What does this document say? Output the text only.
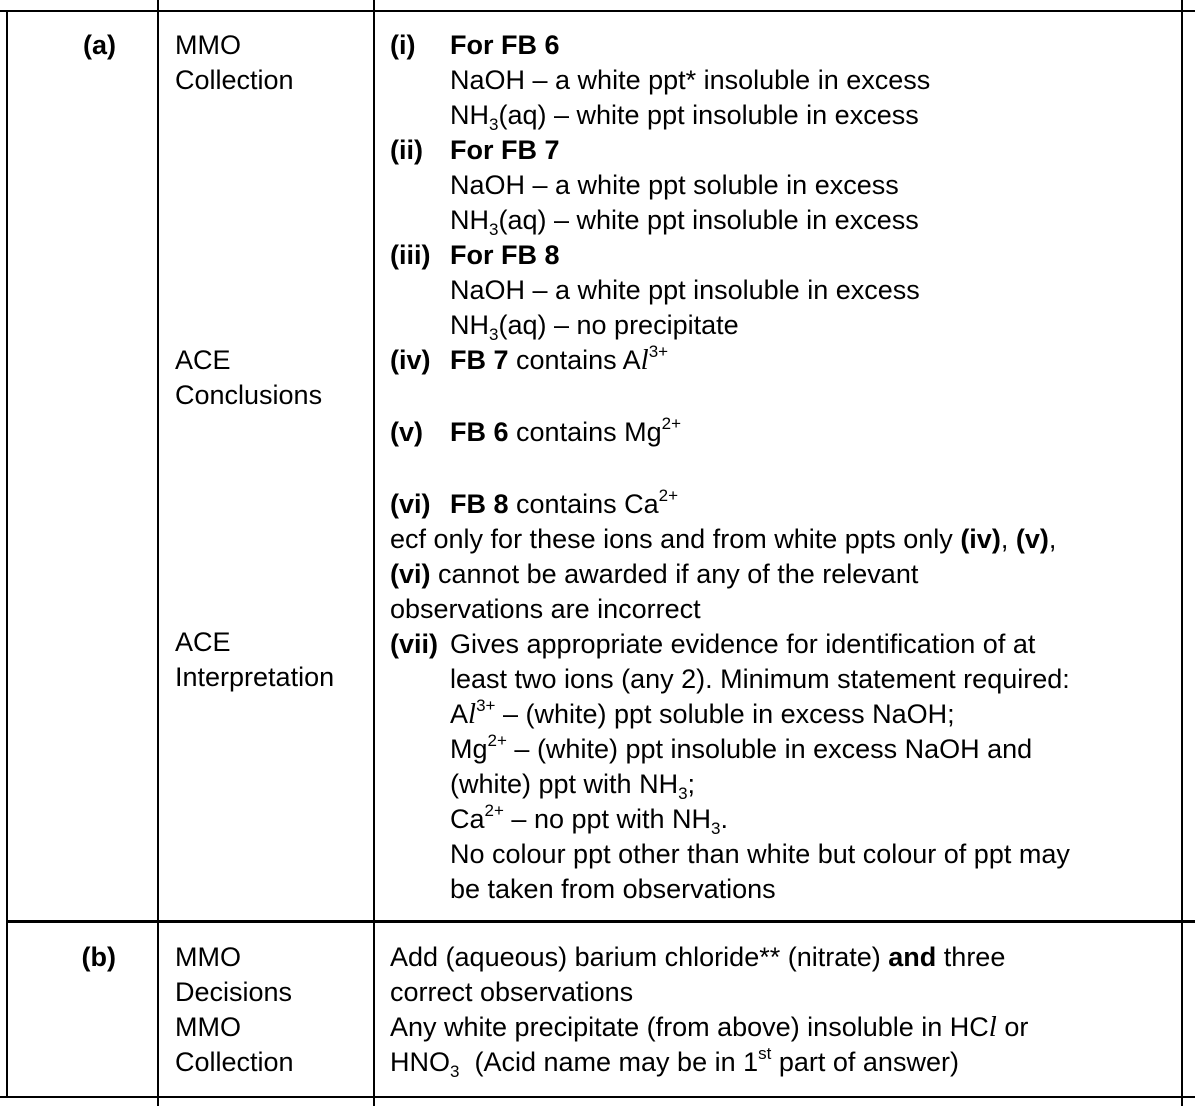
(a) MMO
Collection
ACE
Conclusions
ACE
Interpretation
(i) For FB 6
NaOH – a white ppt* insoluble in excess
$NH_3(aq)$ – white ppt insoluble in excess
(ii) For FB 7
NaOH – a white ppt soluble in excess
$NH_3(aq)$ – white ppt insoluble in excess
(iii) For FB 8
NaOH – a white ppt insoluble in excess
$NH_3(aq)$ – no precipitate
(iv) FB 7 contains $Al^{3+}$
(v) FB 6 contains $Mg^{2+}$
(vi) FB 8 contains $Ca^{2+}$
ecf only for these ions and from white ppts only (iv), (v),
(vi) cannot be awarded if any of the relevant
observations are incorrect
(vii) Gives appropriate evidence for identification of at
least two ions (any 2). Minimum statement required:
$Al^{3+}$ – (white) ppt soluble in excess NaOH;
$Mg^{2+}$ – (white) ppt insoluble in excess NaOH and
(white) ppt with $NH_3$;
$Ca^{2+}$ – no ppt with $NH_3$.
No colour ppt other than white but colour of ppt may
be taken from observations
(b) MMO
Decisions
MMO
Collection
Add (aqueous) barium chloride** (nitrate) and three
correct observations
Any white precipitate (from above) insoluble in HCl or
$HNO_3$ (Acid name may be in 1st part of answer)
